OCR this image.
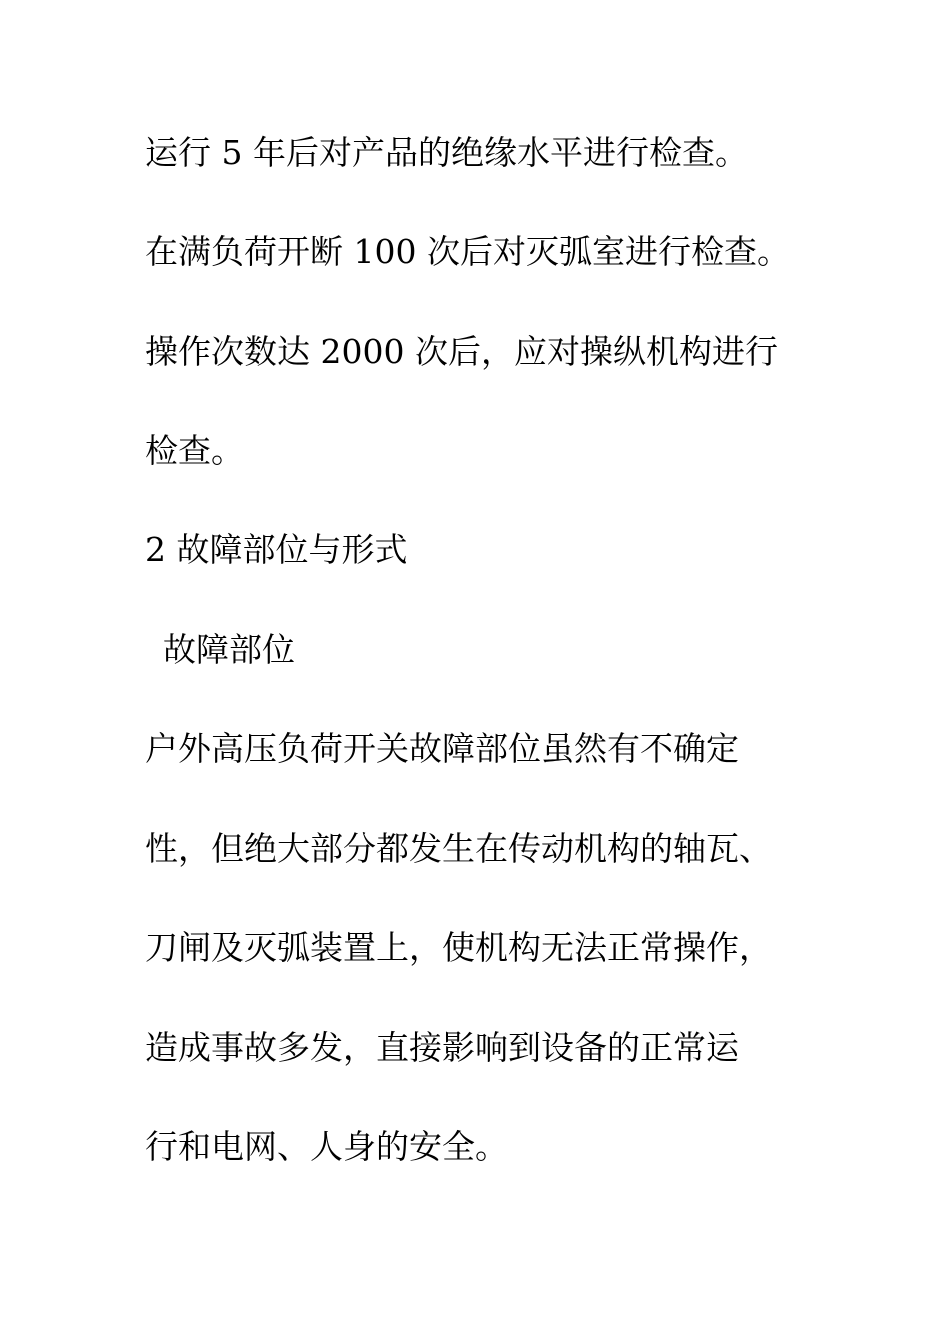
运行 5 年后对产品的绝缘水平进行检查。
在满负荷开断 100 次后对灭弧室进行检查。
操作次数达 2000 次后，应对操纵机构进行
检查。
2 故障部位与形式
故障部位
户外高压负荷开关故障部位虽然有不确定
性，但绝大部分都发生在传动机构的轴瓦、
刀闸及灭弧装置上，使机构无法正常操作，
造成事故多发，直接影响到设备的正常运
行和电网、人身的安全。
